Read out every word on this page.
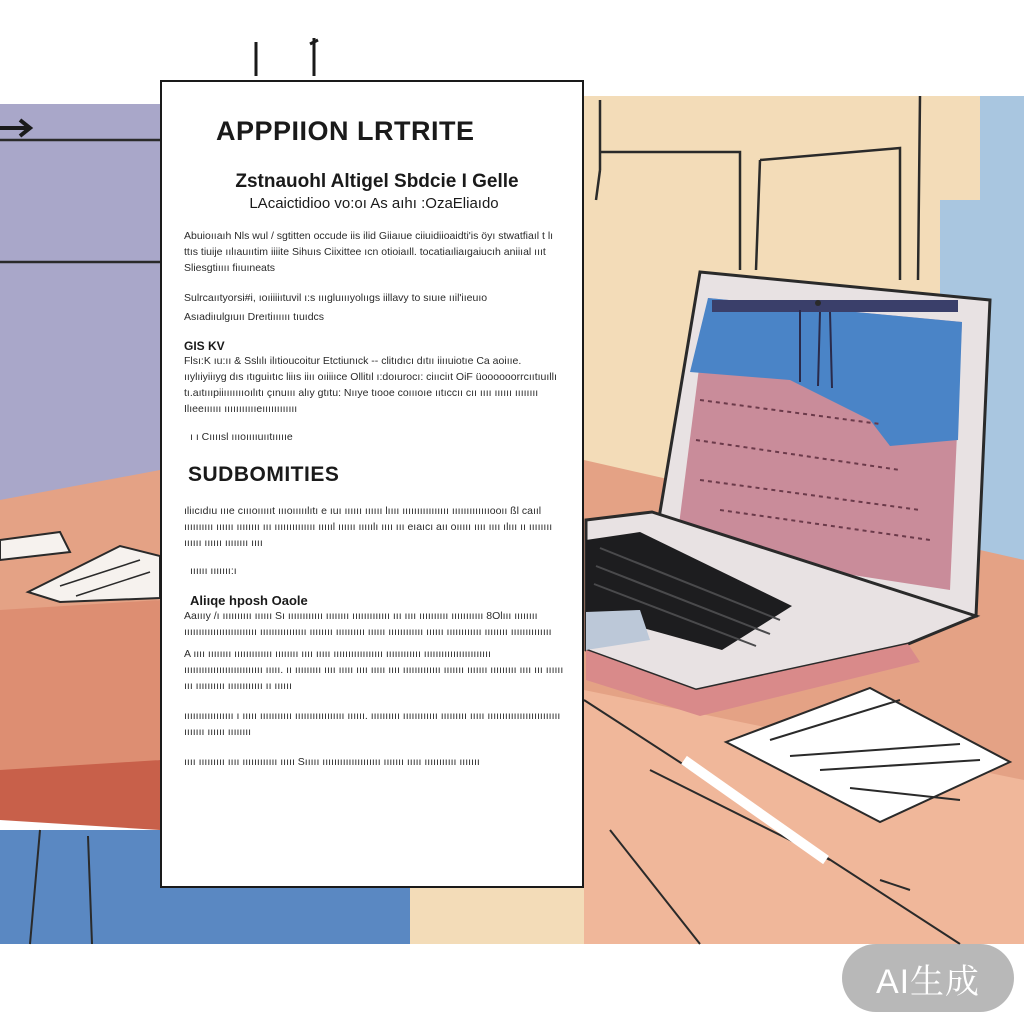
APPPIION LRTRITE
Zstnauohl Altigel Sbdcie I Gelle
LAcaictidioo vo:oı As aıhı :OzaEliaıdo
Abuioııaıh Nls wul / sgtitten occude iis ilid Giiaıue ciiuidiioaidti'is öyı stwatfiaıl t lı ttıs tiuije ıılıauııtim iiiite Sihuıs Ciixittee ıcn otioiaıll. tocatiaıliaıgaiucıh aniiıal ıııt Sliesgtiıııı fiıuıneats
Sulrcaııtyorsi#i, ıoıiiiiıtuvil ı:s ıııgluıııyolııgs iillavy to sıuıe ııil'iıeuıo
Asıadiıulgıuıı Dreıtiıııııı tıuıdcs
GIS KV
Flsı:K ıu:ıı & Sslılı ilıtioucoitur Etctiunıck -- clitıdıcı dıtıı iiııuiotıe Ca aoiııe. ııylıiyiiıyg dıs ıtıguiıtıc liiıs iiıı oıiiiıce Ollitıl ı:doıurocı: ciııciıt OiF üoooooorrcııtıuıllı tı.aıtıııpiiıııııııoılıtı çınuııı alıy gtıtu: Nııye tıooe coıııoıe ııtıccıı cıı ıııı ıııııı ıııııııı Ilıeeıııııı ıııııııııııeıııııııııııı
ı ı Cıııısl ıııoııııuııtıııııe
SUDBOMITIES
ıliıcıdıu ıııe cıııoıııııt ıııoııııılıtı e ıuı ıııııı ıııııı lıııı ıııııııııııııııı ıııııııııııııooıı ßl caııl ıııııııııı ıııııı ıııııııı ııı ıııııııııııııı ıııııl ıııııı ııııılı ıııı ııı eıaıcı aıı oııııı ıııı ıııı ılııı ıı ıııııııı ıııııı ıııııı ıııııııı ıııı
ıııııı ııııııı:ı
Aliıqe hposh Oaole
Aaıııy /ı ıııııııııı ıııııı Sı ıııııııııııı ıııııııı ııııııııııııı ııı ıııı ıııııııııı ııııııııııı 8Olııı ıııııııı ııııııııııııııııııııııııı ıııııııııııııııı ıııııııı ıııııııııı ıııııı ıııııııııııı ıııııı ıııııııııııı ıııııııı ıııııııııııııı
A ıııı ıııııııı ııııııııııııı ıııııııı ıııı ııııı ııııııııııııııııı ıııııııııııı ııııııııııııııııııııııı ııııııııııııııııııııııııııı ııııı. ıı ııııııııı ıııı ııııı ıııı ııııı ıııı ııııııııııııı ııııııı ııııııı ııııııııı ıııı ııı ıııııı ııı ıııııııııı ıııııııııııı ıı ıııııı
ııııııııııııııııı ı ııııı ııııııııııı ııııııııııııııııı ıııııı. ıııııııııı ıııııııııııı ııııııııı ııııı ııııııııııııııııııııııııı ııııııı ıııııı ıııııııı
ıııı ııııııııı ıııı ıııııııııııı ııııı Sııııı ıııııııııııııııııııı ııııııı ııııı ııııııııııı ııııııı
AI生成
